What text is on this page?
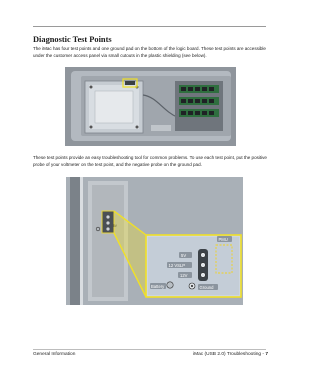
Diagnostic Test Points
The iMac has four test points and one ground pad on the bottom of the logic board. These test points are accessible under the customer access panel via small cutouts in the plastic shielding (see below).
These test points provide an easy troubleshooting tool for common problems. To use each test point, put the positive probe of your voltmeter on the test point, and the negative probe on the ground pad.
5V
5V
12 VSLP
12V
PMU
Ground
Battery
General Information	iMac (USB 2.0) Troubleshooting - 7
